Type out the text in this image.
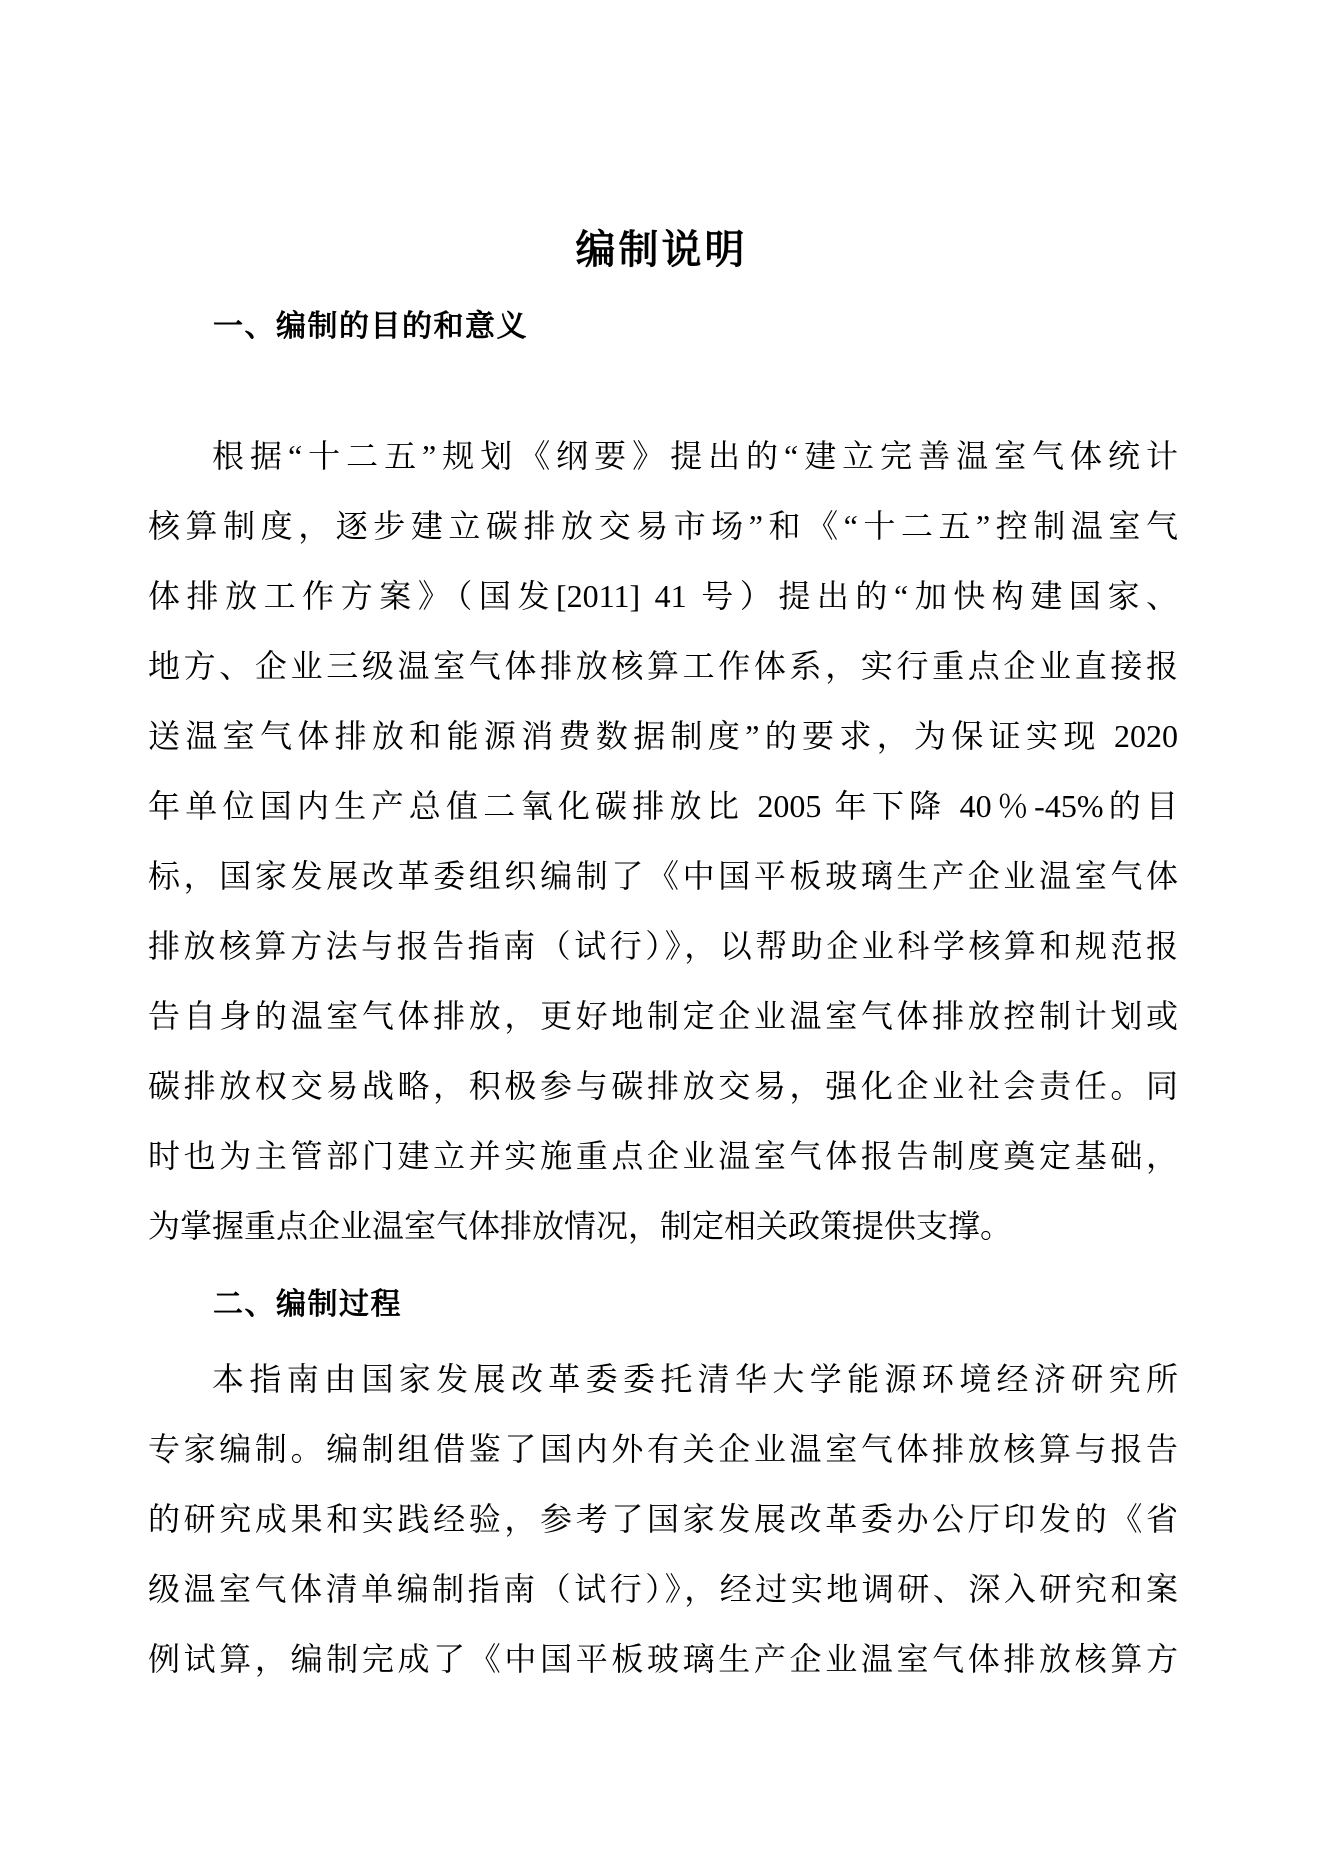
编制说明
一、编制的目的和意义
根据“十二五”规划《纲要》提出的“建立完善温室气体统计
核算制度，逐步建立碳排放交易市场”和《“十二五”控制温室气
体排放工作方案》（国发[2011] 41 号）提出的“加快构建国家、
地方、企业三级温室气体排放核算工作体系，实行重点企业直接报
送温室气体排放和能源消费数据制度”的要求，为保证实现 2020
年单位国内生产总值二氧化碳排放比 2005 年下降 40％-45%的目
标，国家发展改革委组织编制了《中国平板玻璃生产企业温室气体
排放核算方法与报告指南（试行）》，以帮助企业科学核算和规范报
告自身的温室气体排放，更好地制定企业温室气体排放控制计划或
碳排放权交易战略，积极参与碳排放交易，强化企业社会责任。同
时也为主管部门建立并实施重点企业温室气体报告制度奠定基础，
为掌握重点企业温室气体排放情况，制定相关政策提供支撑。
二、编制过程
本指南由国家发展改革委委托清华大学能源环境经济研究所
专家编制。编制组借鉴了国内外有关企业温室气体排放核算与报告
的研究成果和实践经验，参考了国家发展改革委办公厅印发的《省
级温室气体清单编制指南（试行）》，经过实地调研、深入研究和案
例试算，编制完成了《中国平板玻璃生产企业温室气体排放核算方
